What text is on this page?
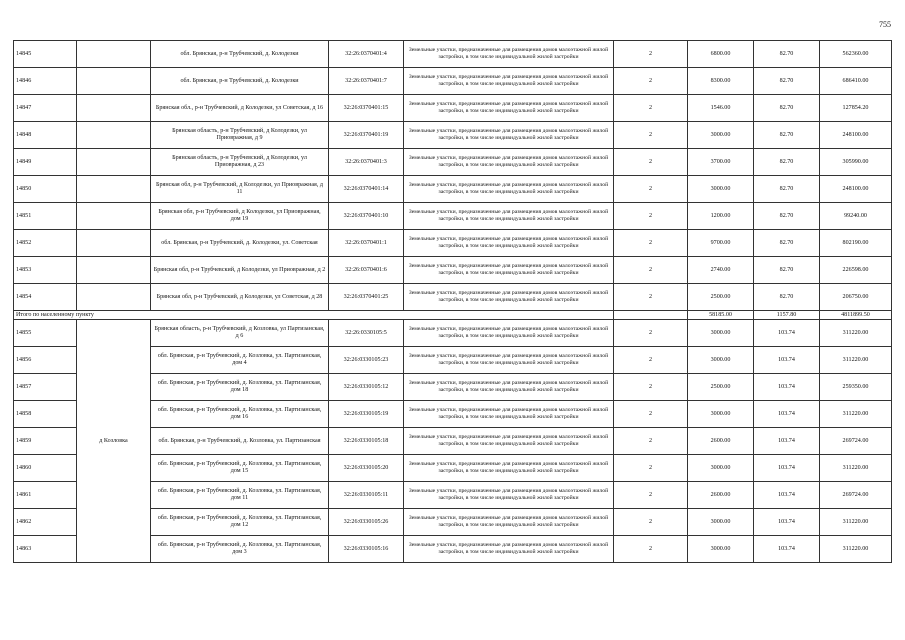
755
14845		обл. Брянская, р-н Трубчевский, д. Колодезки	32:26:0370401:4	Земельные участки, предназначенные для размещения домов малоэтажной жилой застройки, в том числе индивидуальной жилой застройки	2	6800.00	82.70	562360.00
14846		обл. Брянская, р-н Трубчевский, д. Колодезки	32:26:0370401:7	Земельные участки, предназначенные для размещения домов малоэтажной жилой застройки, в том числе индивидуальной жилой застройки	2	8300.00	82.70	686410.00
14847		Брянская обл., р-н Трубчевский, д Колодезки, ул Советская, д 16	32:26:0370401:15	Земельные участки, предназначенные для размещения домов малоэтажной жилой застройки, в том числе индивидуальной жилой застройки	2	1546.00	82.70	127854.20
14848		Брянская область, р-н Трубчевский, д Колодезки, ул Приовражная, д 9	32:26:0370401:19	Земельные участки, предназначенные для размещения домов малоэтажной жилой застройки, в том числе индивидуальной жилой застройки	2	3000.00	82.70	248100.00
14849		Брянская область, р-н Трубчевский, д Колодезки, ул Приовражная, д 23	32:26:0370401:3	Земельные участки, предназначенные для размещения домов малоэтажной жилой застройки, в том числе индивидуальной жилой застройки	2	3700.00	82.70	305990.00
14850		Брянская обл, р-н Трубчевский, д Колодезки, ул Приовражная, д 11	32:26:0370401:14	Земельные участки, предназначенные для размещения домов малоэтажной жилой застройки, в том числе индивидуальной жилой застройки	2	3000.00	82.70	248100.00
14851		Брянская обл, р-н Трубчевский, д Колодезки, ул Приовражная, дом 19	32:26:0370401:10	Земельные участки, предназначенные для размещения домов малоэтажной жилой застройки, в том числе индивидуальной жилой застройки	2	1200.00	82.70	99240.00
14852		обл. Брянская, р-н Трубчевский, д. Колодезки, ул. Советская	32:26:0370401:1	Земельные участки, предназначенные для размещения домов малоэтажной жилой застройки, в том числе индивидуальной жилой застройки	2	9700.00	82.70	802190.00
14853		Брянская обл, р-н Трубчевский, д Колодезки, ул Приовражная, д 2	32:26:0370401:6	Земельные участки, предназначенные для размещения домов малоэтажной жилой застройки, в том числе индивидуальной жилой застройки	2	2740.00	82.70	226598.00
14854		Брянская обл, р-н Трубчевский, д Колодезки, ул Советская, д 28	32:26:0370401:25	Земельные участки, предназначенные для размещения домов малоэтажной жилой застройки, в том числе индивидуальной жилой застройки	2	2500.00	82.70	206750.00
Итого по населенному пункту						58185.00	1157.80	4811899.50
14855	д Козловка	Брянская область, р-н Трубчевский, д Козловка, ул Партизанская, д 6	32:26:0330105:5	Земельные участки, предназначенные для размещения домов малоэтажной жилой застройки, в том числе индивидуальной жилой застройки	2	3000.00	103.74	311220.00
14856		обл. Брянская, р-н Трубчевский, д. Козловка, ул. Партизанская, дом 4	32:26:0330105:23	Земельные участки, предназначенные для размещения домов малоэтажной жилой застройки, в том числе индивидуальной жилой застройки	2	3000.00	103.74	311220.00
14857		обл. Брянская, р-н Трубчевский, д. Козловка, ул. Партизанская, дом 18	32:26:0330105:12	Земельные участки, предназначенные для размещения домов малоэтажной жилой застройки, в том числе индивидуальной жилой застройки	2	2500.00	103.74	259350.00
14858		обл. Брянская, р-н Трубчевский, д. Козловка, ул. Партизанская, дом 16	32:26:0330105:19	Земельные участки, предназначенные для размещения домов малоэтажной жилой застройки, в том числе индивидуальной жилой застройки	2	3000.00	103.74	311220.00
14859		обл. Брянская, р-н Трубчевский, д. Козловка, ул. Партизанская	32:26:0330105:18	Земельные участки, предназначенные для размещения домов малоэтажной жилой застройки, в том числе индивидуальной жилой застройки	2	2600.00	103.74	269724.00
14860		обл. Брянская, р-н Трубчевский, д. Козловка, ул. Партизанская, дом 15	32:26:0330105:20	Земельные участки, предназначенные для размещения домов малоэтажной жилой застройки, в том числе индивидуальной жилой застройки	2	3000.00	103.74	311220.00
14861		обл. Брянская, р-н Трубчевский, д. Козловка, ул. Партизанская, дом 11	32:26:0330105:11	Земельные участки, предназначенные для размещения домов малоэтажной жилой застройки, в том числе индивидуальной жилой застройки	2	2600.00	103.74	269724.00
14862		обл. Брянская, р-н Трубчевский, д. Козловка, ул. Партизанская, дом 12	32:26:0330105:26	Земельные участки, предназначенные для размещения домов малоэтажной жилой застройки, в том числе индивидуальной жилой застройки	2	3000.00	103.74	311220.00
14863		обл. Брянская, р-н Трубчевский, д. Козловка, ул. Партизанская, дом 3	32:26:0330105:16	Земельные участки, предназначенные для размещения домов малоэтажной жилой застройки, в том числе индивидуальной жилой застройки	2	3000.00	103.74	311220.00
